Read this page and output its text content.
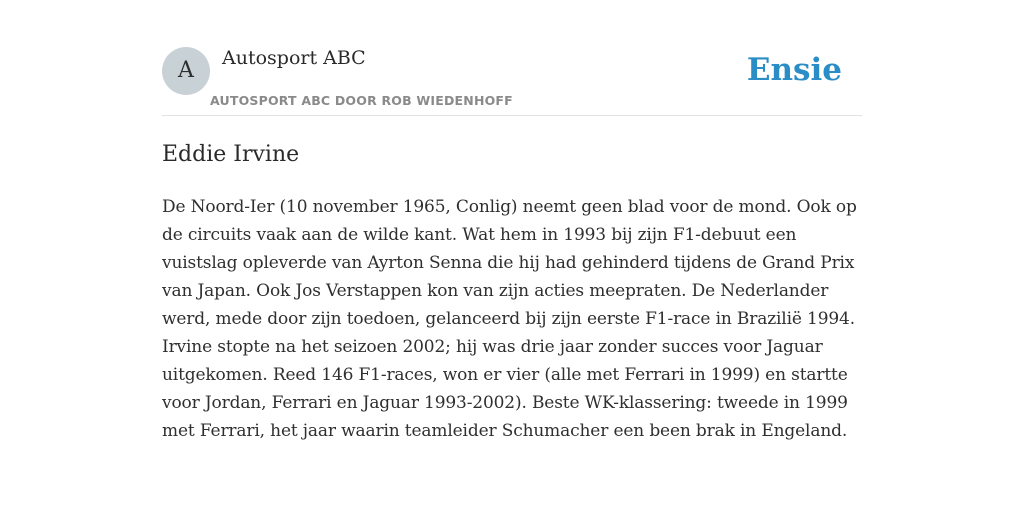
A	Autosport ABC
AUTOSPORT ABC DOOR ROB WIEDENHOFF
Ensie
Eddie Irvine

De Noord-Ier (10 november 1965, Conlig) neemt geen blad voor de mond. Ook op
de circuits vaak aan de wilde kant. Wat hem in 1993 bij zijn F1-debuut een
vuistslag opleverde van Ayrton Senna die hij had gehinderd tijdens de Grand Prix
van Japan. Ook Jos Verstappen kon van zijn acties meepraten. De Nederlander
werd, mede door zijn toedoen, gelanceerd bij zijn eerste F1-race in Brazilië 1994.
Irvine stopte na het seizoen 2002; hij was drie jaar zonder succes voor Jaguar
uitgekomen. Reed 146 F1-races, won er vier (alle met Ferrari in 1999) en startte
voor Jordan, Ferrari en Jaguar 1993-2002). Beste WK-klassering: tweede in 1999
met Ferrari, het jaar waarin teamleider Schumacher een been brak in Engeland.
